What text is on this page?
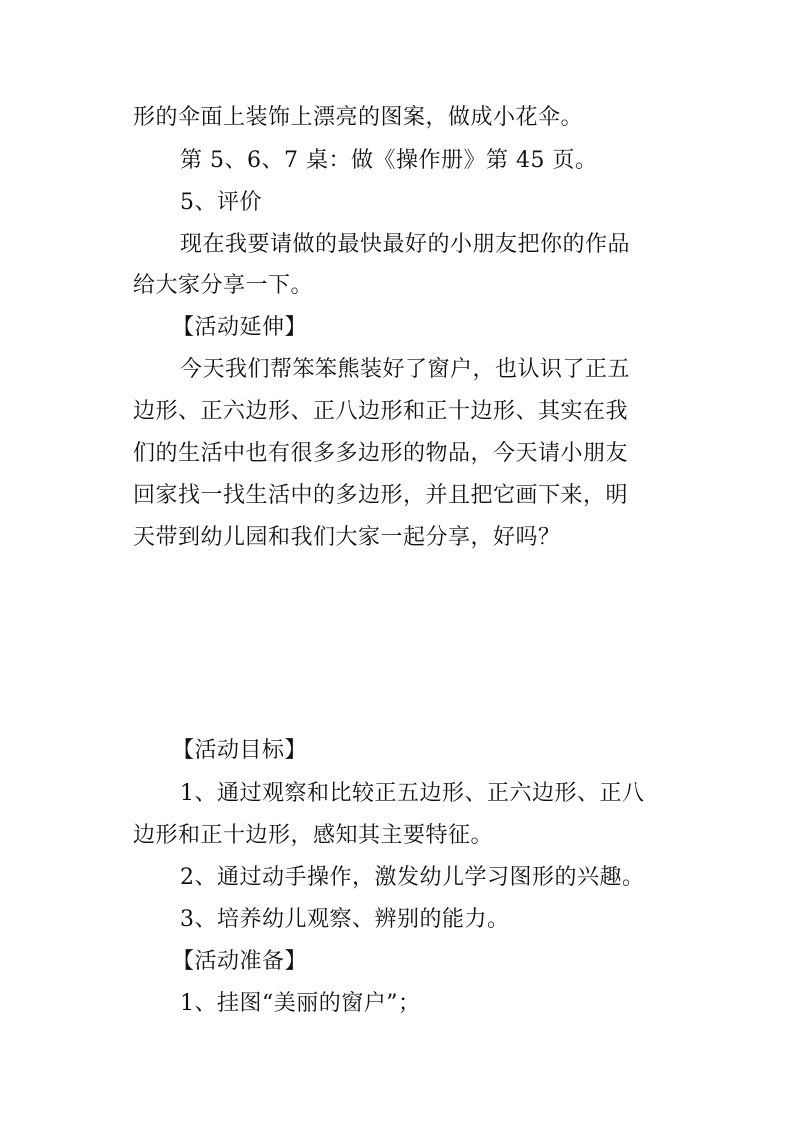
形的伞面上装饰上漂亮的图案，做成小花伞。
第 5、6、7 桌：做《操作册》第 45 页。
5、评价
现在我要请做的最快最好的小朋友把你的作品
给大家分享一下。
【活动延伸】
今天我们帮笨笨熊装好了窗户，也认识了正五
边形、正六边形、正八边形和正十边形、其实在我
们的生活中也有很多多边形的物品，今天请小朋友
回家找一找生活中的多边形，并且把它画下来，明
天带到幼儿园和我们大家一起分享，好吗？
【活动目标】
1、通过观察和比较正五边形、正六边形、正八
边形和正十边形，感知其主要特征。
2、通过动手操作，激发幼儿学习图形的兴趣。
3、培养幼儿观察、辨别的能力。
【活动准备】
1、挂图“美丽的窗户”；
